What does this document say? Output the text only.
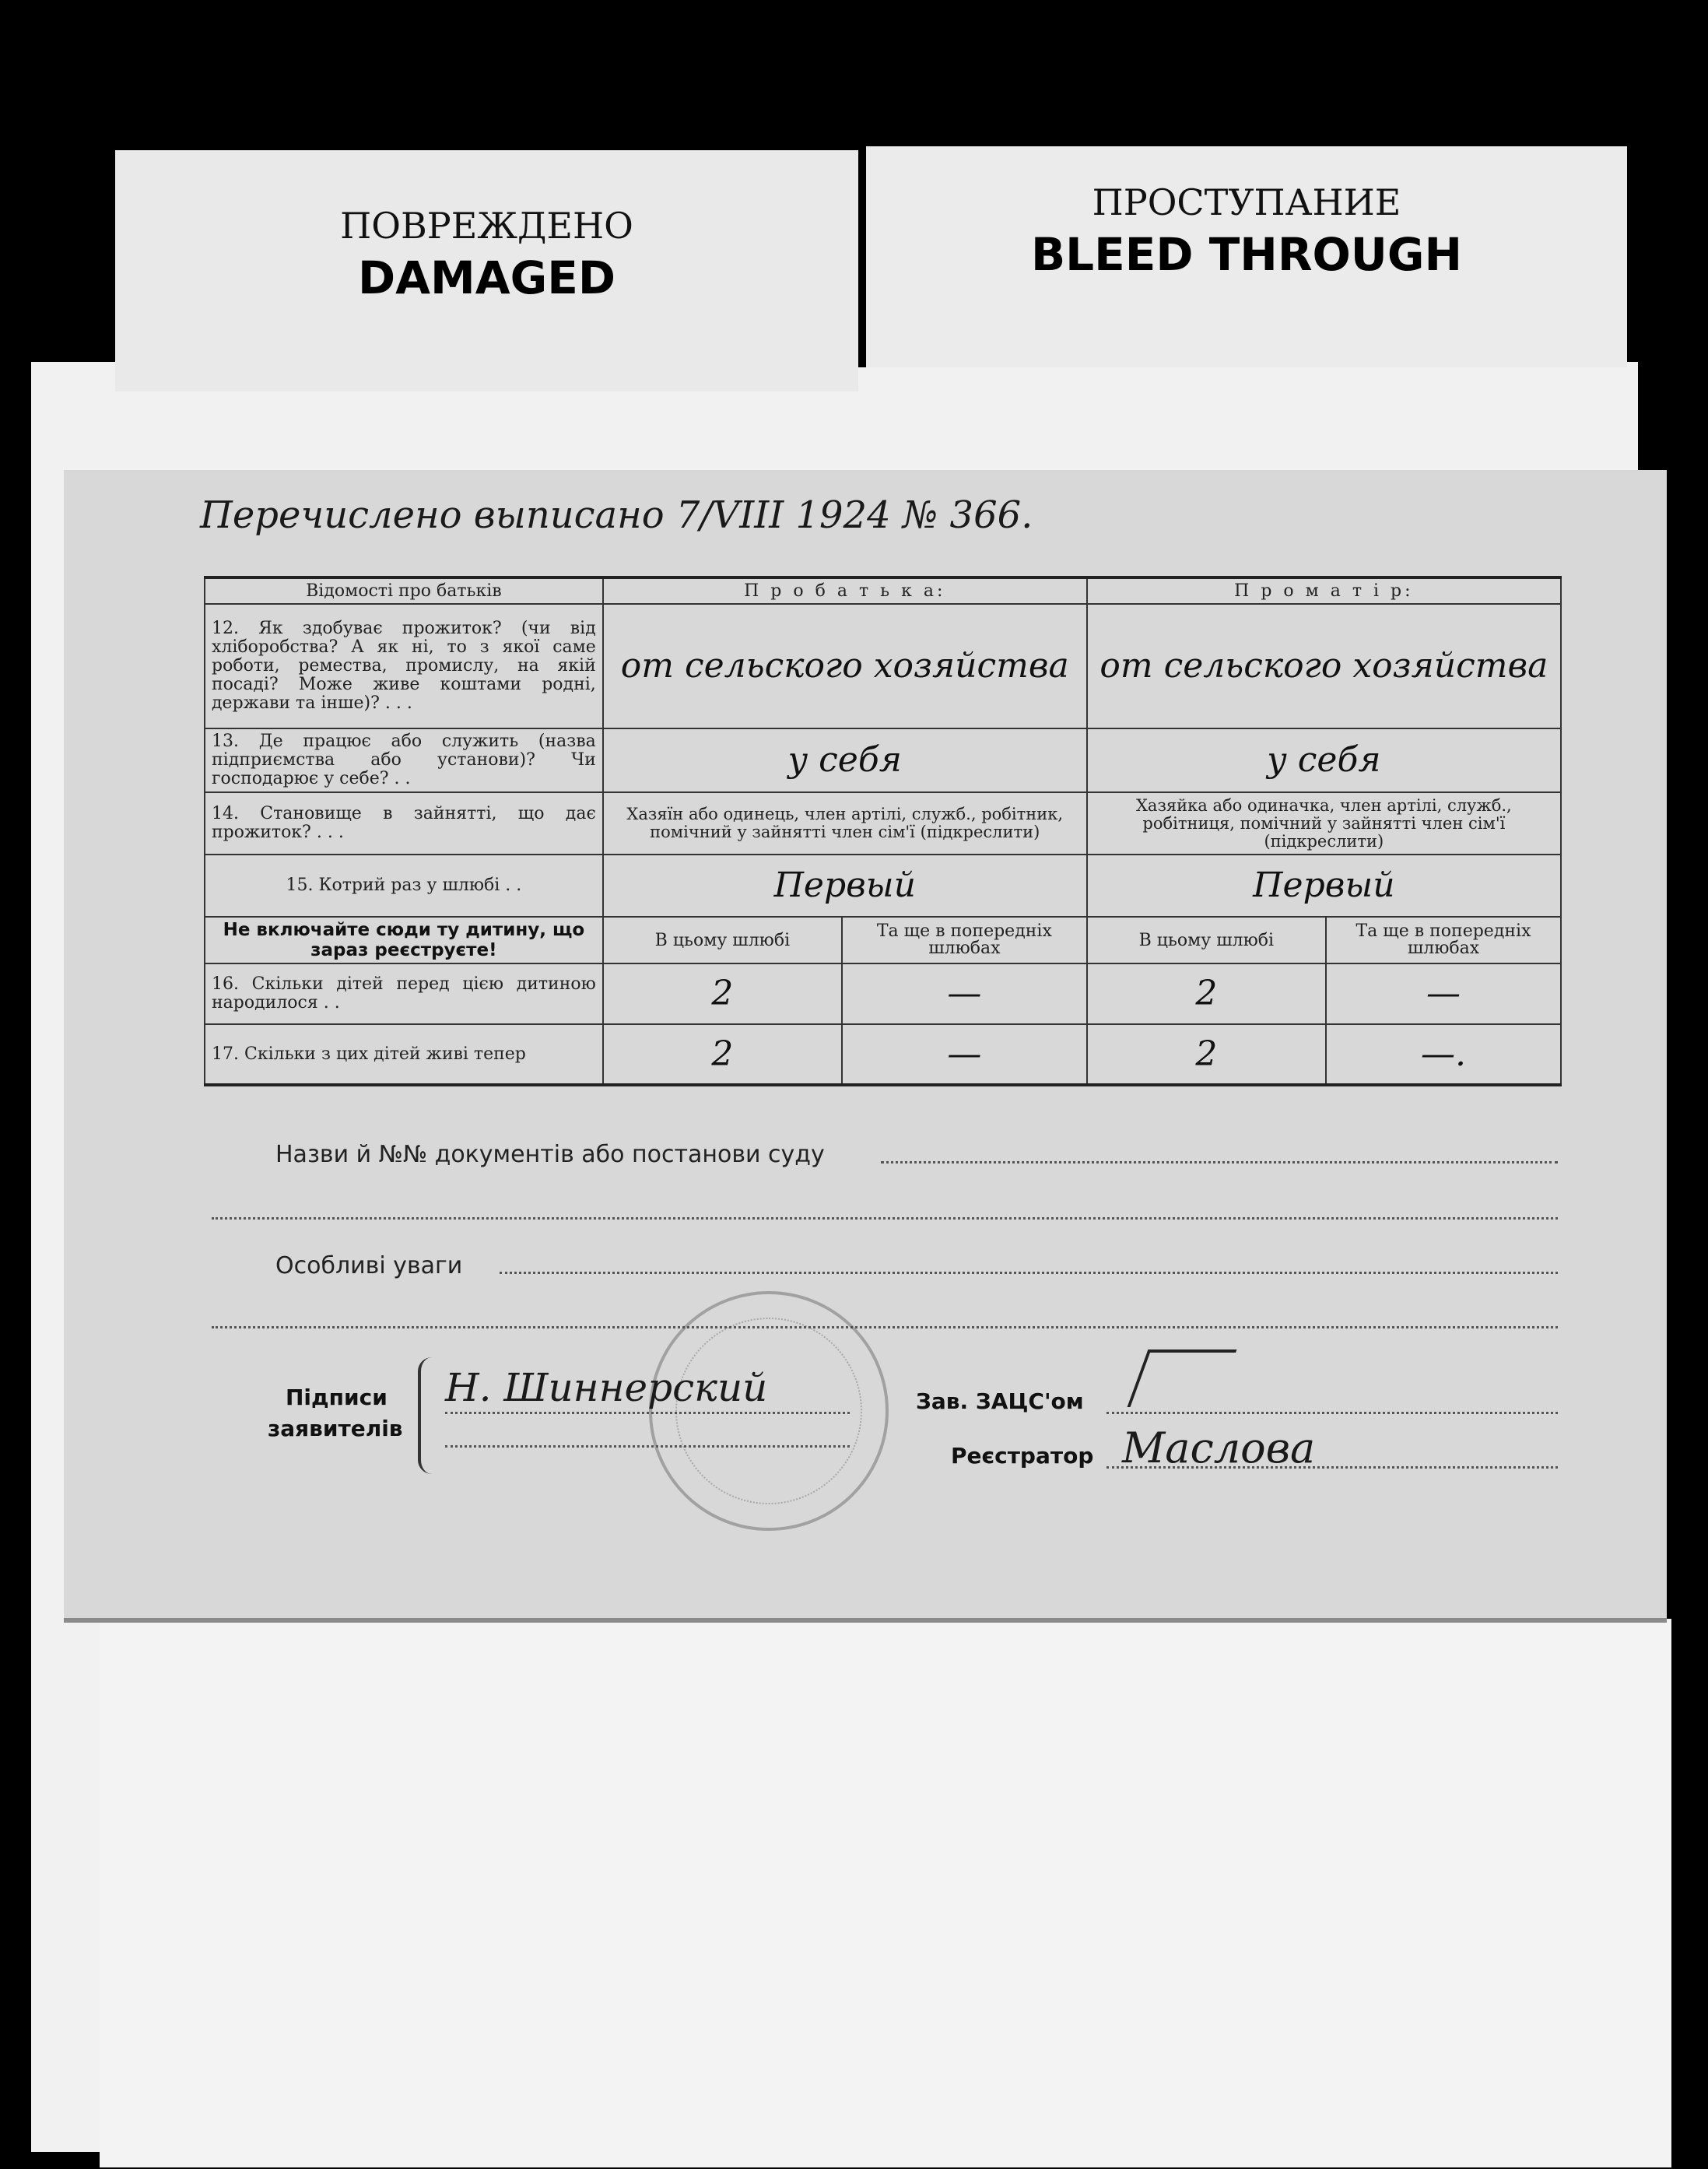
ПОВРЕЖДЕНО
DAMAGED
ПРОСТУПАНИЕ
BLEED THROUGH
Перечислено выписано 7/VIII 1924 № 366.
Відомості про батьків	П р о б а т ь к а:		П р о м а т і р:	
12. Як здобуває прожиток? (чи від хліборобства? А як ні, то з якої саме роботи, ремества, промислу, на якій посаді? Може живе коштами родні, держави та інше)? . . .	от сельского хозяйства		от сельского хозяйства	
13. Де працює або служить (назва підприємства або установи)? Чи господарює у себе? . .	у себя		у себя	
14. Становище в зайнятті, що дає прожиток? . . .	Хазяїн або одинець, член артілі, служб., робітник, помічний у зайнятті член сім'ї (підкреслити)		Хазяйка або одиначка, член артілі, служб., робітниця, помічний у зайнятті член сім'ї (підкреслити)	
15. Котрий раз у шлюбі . .	Первый		Первый	
Не включайте сюди ту дитину, що зараз реєструєте!	В цьому шлюбі	Та ще в попередніх шлюбах	В цьому шлюбі	Та ще в попередніх шлюбах
16. Скільки дітей перед цією дитиною народилося . .	2	—	2	—
17. Скільки з цих дітей живі тепер	2	—	2	—.
Назви й №№ документів або постанови суду
Особливі уваги
Підписи
заявителів
Н. Шиннерский	Зав. ЗАЦС'ом
Реєстратор Маслова
